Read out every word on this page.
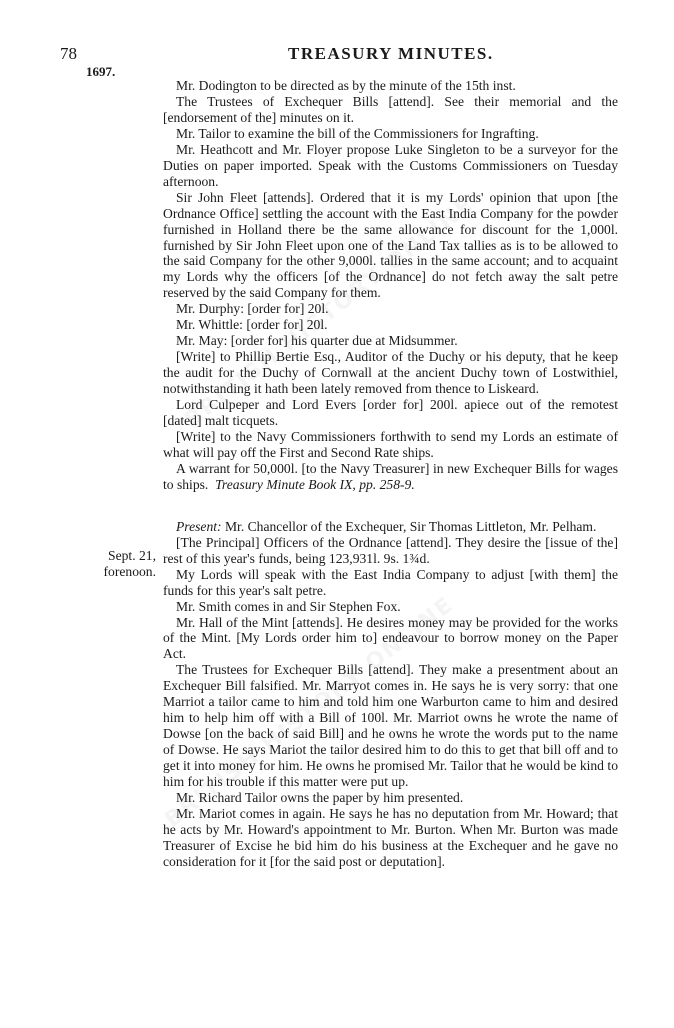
78	TREASURY MINUTES.
1697.

Mr. Dodington to be directed as by the minute of the 15th inst.

The Trustees of Exchequer Bills [attend]. See their memorial and the [endorsement of the] minutes on it.

Mr. Tailor to examine the bill of the Commissioners for Ingrafting.

Mr. Heathcott and Mr. Floyer propose Luke Singleton to be a surveyor for the Duties on paper imported. Speak with the Customs Commissioners on Tuesday afternoon.

Sir John Fleet [attends]. Ordered that it is my Lords' opinion that upon [the Ordnance Office] settling the account with the East India Company for the powder furnished in Holland there be the same allowance for discount for the 1,000l. furnished by Sir John Fleet upon one of the Land Tax tallies as is to be allowed to the said Company for the other 9,000l. tallies in the same account; and to acquaint my Lords why the officers [of the Ordnance] do not fetch away the salt petre reserved by the said Company for them.

Mr. Durphy: [order for] 20l.

Mr. Whittle: [order for] 20l.

Mr. May: [order for] his quarter due at Midsummer.

[Write] to Phillip Bertie Esq., Auditor of the Duchy or his deputy, that he keep the audit for the Duchy of Cornwall at the ancient Duchy town of Lostwithiel, notwithstanding it hath been lately removed from thence to Liskeard.

Lord Culpeper and Lord Evers [order for] 200l. apiece out of the remotest [dated] malt ticquets.

[Write] to the Navy Commissioners forthwith to send my Lords an estimate of what will pay off the First and Second Rate ships.

A warrant for 50,000l. [to the Navy Treasurer] in new Exchequer Bills for wages to ships. Treasury Minute Book IX, pp. 258-9.

Present: Mr. Chancellor of the Exchequer, Sir Thomas Littleton, Mr. Pelham.

[The Principal] Officers of the Ordnance [attend]. They desire the [issue of the] rest of this year's funds, being 123,931l. 9s. 1¾d.

My Lords will speak with the East India Company to adjust [with them] the funds for this year's salt petre.

Mr. Smith comes in and Sir Stephen Fox.

Mr. Hall of the Mint [attends]. He desires money may be provided for the works of the Mint. [My Lords order him to] endeavour to borrow money on the Paper Act.

The Trustees for Exchequer Bills [attend]. They make a presentment about an Exchequer Bill falsified. Mr. Marryot comes in. He says he is very sorry: that one Marriot a tailor came to him and told him one Warburton came to him and desired him to help him off with a Bill of 100l. Mr. Marriot owns he wrote the name of Dowse [on the back of said Bill] and he owns he wrote the words put to the name of Dowse. He says Mariot the tailor desired him to do this to get that bill off and to get it into money for him. He owns he promised Mr. Tailor that he would be kind to him for his trouble if this matter were put up.

Mr. Richard Tailor owns the paper by him presented.

Mr. Mariot comes in again. He says he has no deputation from Mr. Howard; that he acts by Mr. Howard's appointment to Mr. Burton. When Mr. Burton was made Treasurer of Excise he bid him do his business at the Exchequer and he gave no consideration for it [for the said post or deputation].

Sept. 21,
forenoon.
